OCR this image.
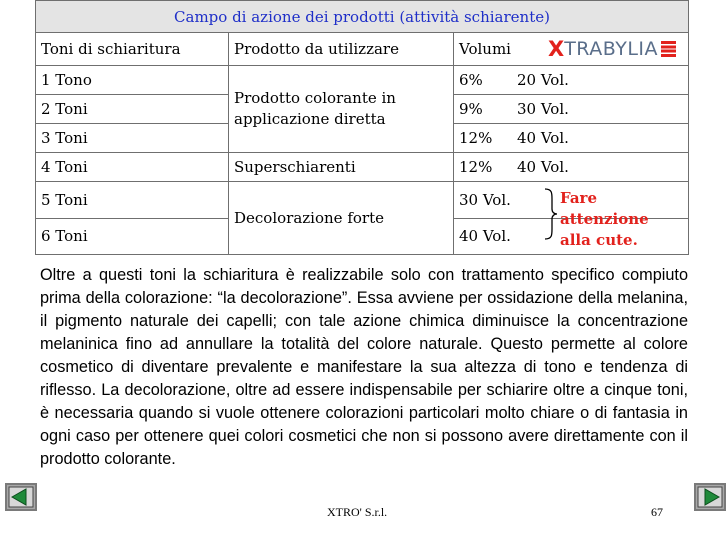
Campo di azione dei prodotti (attività schiarente)		
Toni di schiaritura	Prodotto da utilizzare	Volumi
1 Tono	Prodotto colorante in applicazione diretta	6% 20 Vol.
2 Toni		9% 30 Vol.
3 Toni		12% 40 Vol.
4 Toni	Superschiarenti	12% 40 Vol.
5 Toni	Decolorazione forte	30 Vol.
6 Toni		40 Vol.
X TRABYLIA
Fare attenzione alla cute.

Oltre a questi toni la schiaritura è realizzabile solo con trattamento specifico compiuto prima della colorazione: “la decolorazione”. Essa avviene per ossidazione della melanina, il pigmento naturale dei capelli; con tale azione chimica diminuisce la concentrazione melaninica fino ad annullare la totalità del colore naturale. Questo permette al colore cosmetico di diventare prevalente e manifestare la sua altezza di tono e tendenza di riflesso. La decolorazione, oltre ad essere indispensabile per schiarire oltre a cinque toni, è necessaria quando si vuole ottenere colorazioni particolari molto chiare o di fantasia in ogni caso per ottenere quei colori cosmetici che non si possono avere direttamente con il prodotto colorante.

XTRO' S.r.l.	67
